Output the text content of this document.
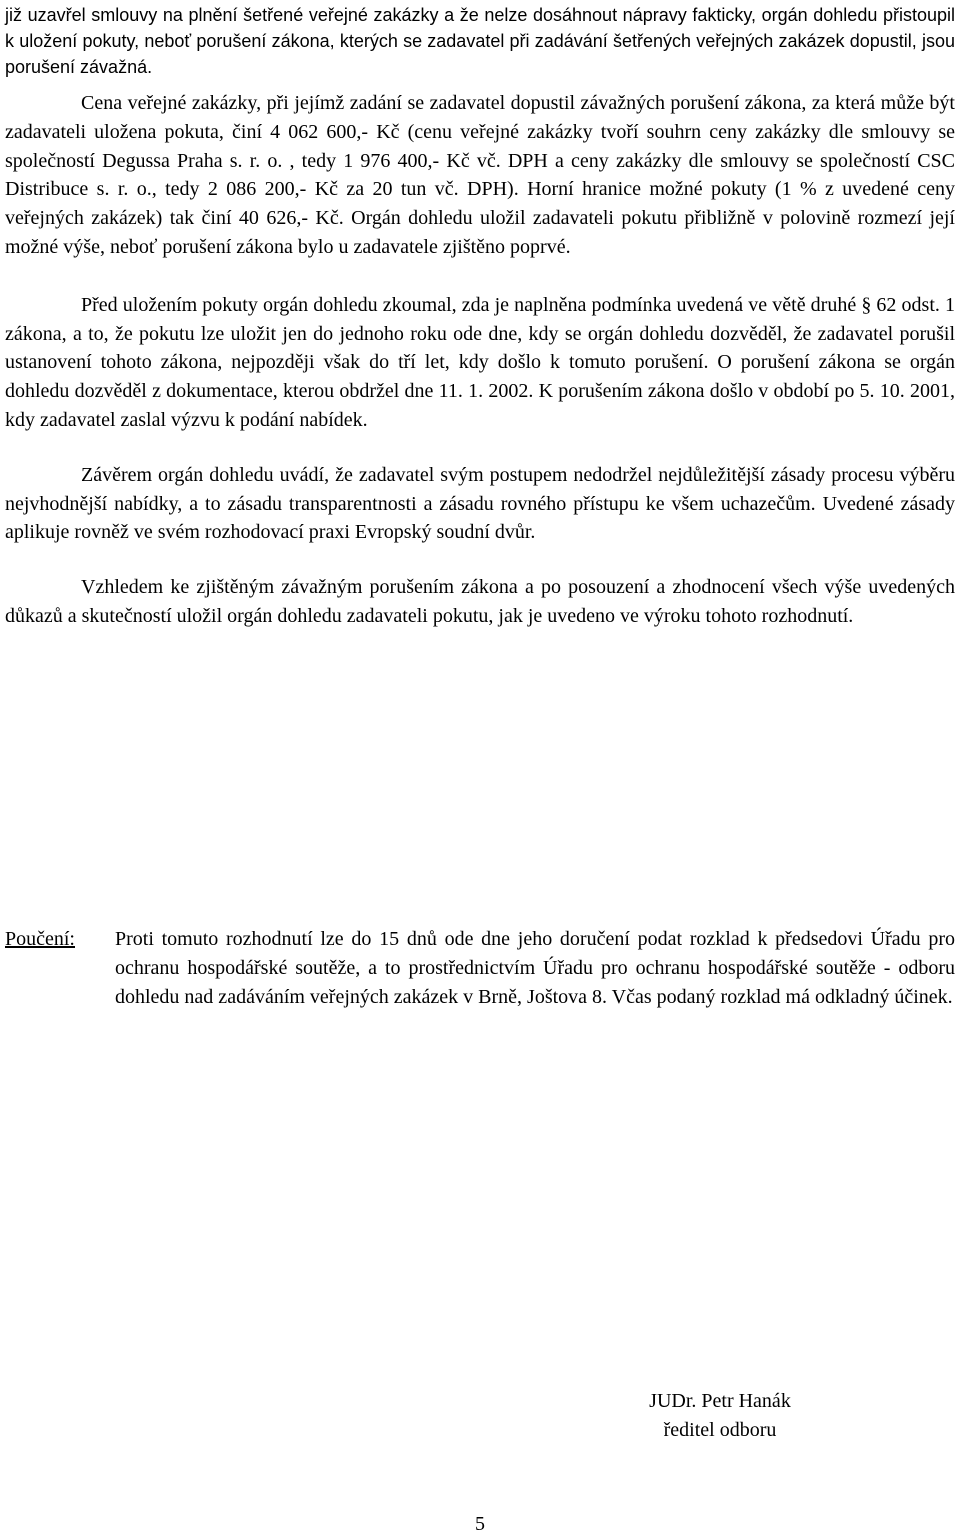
již uzavřel smlouvy na plnění šetřené veřejné zakázky a že nelze dosáhnout nápravy fakticky, orgán dohledu přistoupil k uložení pokuty, neboť porušení zákona, kterých se zadavatel při zadávání šetřených veřejných zakázek dopustil, jsou porušení závažná.

Cena veřejné zakázky, při jejímž zadání se zadavatel dopustil závažných porušení zákona, za která může být zadavateli uložena pokuta, činí 4 062 600,- Kč (cenu veřejné zakázky tvoří souhrn ceny zakázky dle smlouvy se společností Degussa Praha s. r. o. , tedy 1 976 400,- Kč vč. DPH a ceny zakázky dle smlouvy se společností CSC Distribuce s. r. o., tedy 2 086 200,- Kč za 20 tun vč. DPH). Horní hranice možné pokuty (1 % z uvedené ceny veřejných zakázek) tak činí 40 626,- Kč. Orgán dohledu uložil zadavateli pokutu přibližně v polovině rozmezí její možné výše, neboť porušení zákona bylo u zadavatele zjištěno poprvé.

Před uložením pokuty orgán dohledu zkoumal, zda je naplněna podmínka uvedená ve větě druhé § 62 odst. 1 zákona, a to, že pokutu lze uložit jen do jednoho roku ode dne, kdy se orgán dohledu dozvěděl, že zadavatel porušil ustanovení tohoto zákona, nejpozději však do tří let, kdy došlo k tomuto porušení. O porušení zákona se orgán dohledu dozvěděl z dokumentace, kterou obdržel dne 11. 1. 2002. K porušením zákona došlo v období po 5. 10. 2001, kdy zadavatel zaslal výzvu k podání nabídek.

Závěrem orgán dohledu uvádí, že zadavatel svým postupem nedodržel nejdůležitější zásady procesu výběru nejvhodnější nabídky, a to zásadu transparentnosti a zásadu rovného přístupu ke všem uchazečům. Uvedené zásady aplikuje rovněž ve svém rozhodovací praxi Evropský soudní dvůr.

Vzhledem ke zjištěným závažným porušením zákona a po posouzení a zhodnocení všech výše uvedených důkazů a skutečností uložil orgán dohledu zadavateli pokutu, jak je uvedeno ve výroku tohoto rozhodnutí.

Poučení:	Proti tomuto rozhodnutí lze do 15 dnů ode dne jeho doručení podat rozklad k předsedovi Úřadu pro ochranu hospodářské soutěže, a to prostřednictvím Úřadu pro ochranu hospodářské soutěže - odboru dohledu nad zadáváním veřejných zakázek v Brně, Joštova 8. Včas podaný rozklad má odkladný účinek.
JUDr. Petr Hanák
ředitel odboru
5
